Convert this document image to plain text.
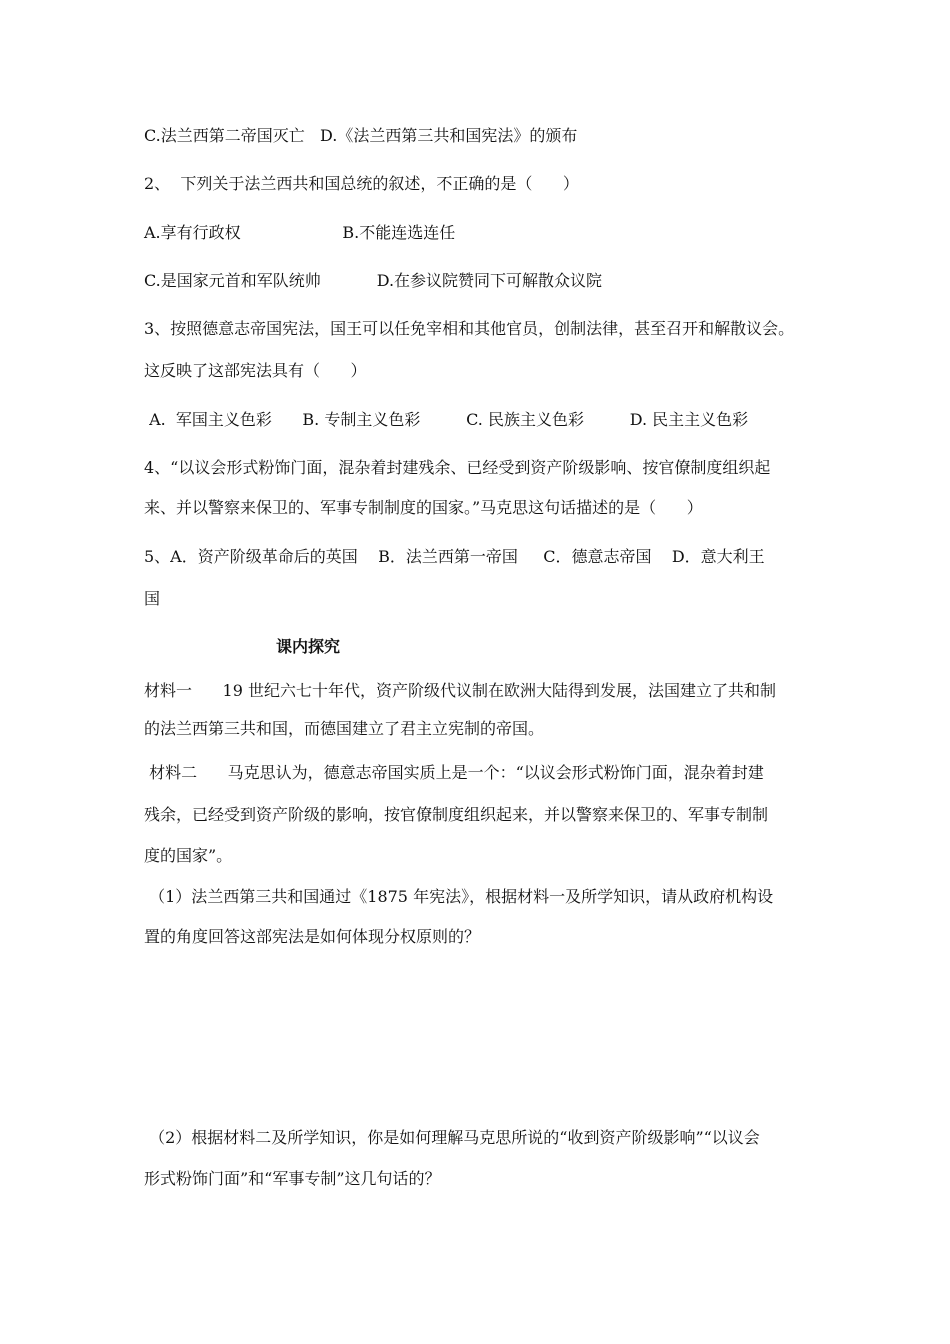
C.法兰西第二帝国灭亡   D.《法兰西第三共和国宪法》的颁布
2、  下列关于法兰西共和国总统的叙述，不正确的是（      ）
A.享有行政权                    B.不能连选连任
C.是国家元首和军队统帅           D.在参议院赞同下可解散众议院
3、按照德意志帝国宪法，国王可以任免宰相和其他官员，创制法律，甚至召开和解散议会。
这反映了这部宪法具有（      ）
A.  军国主义色彩      B. 专制主义色彩         C. 民族主义色彩         D. 民主主义色彩
4、“以议会形式粉饰门面，混杂着封建残余、已经受到资产阶级影响、按官僚制度组织起
来、并以警察来保卫的、军事专制制度的国家。”马克思这句话描述的是（      ）
5、A．资产阶级革命后的英国    B．法兰西第一帝国     C．德意志帝国    D．意大利王
国
课内探究
材料一      19 世纪六七十年代，资产阶级代议制在欧洲大陆得到发展，法国建立了共和制
的法兰西第三共和国，而德国建立了君主立宪制的帝国。
材料二      马克思认为，德意志帝国实质上是一个：“以议会形式粉饰门面，混杂着封建
残余，已经受到资产阶级的影响，按官僚制度组织起来，并以警察来保卫的、军事专制制
度的国家”。
（1）法兰西第三共和国通过《1875 年宪法》，根据材料一及所学知识，请从政府机构设
置的角度回答这部宪法是如何体现分权原则的？
（2）根据材料二及所学知识，你是如何理解马克思所说的“收到资产阶级影响”“以议会
形式粉饰门面”和“军事专制”这几句话的？
